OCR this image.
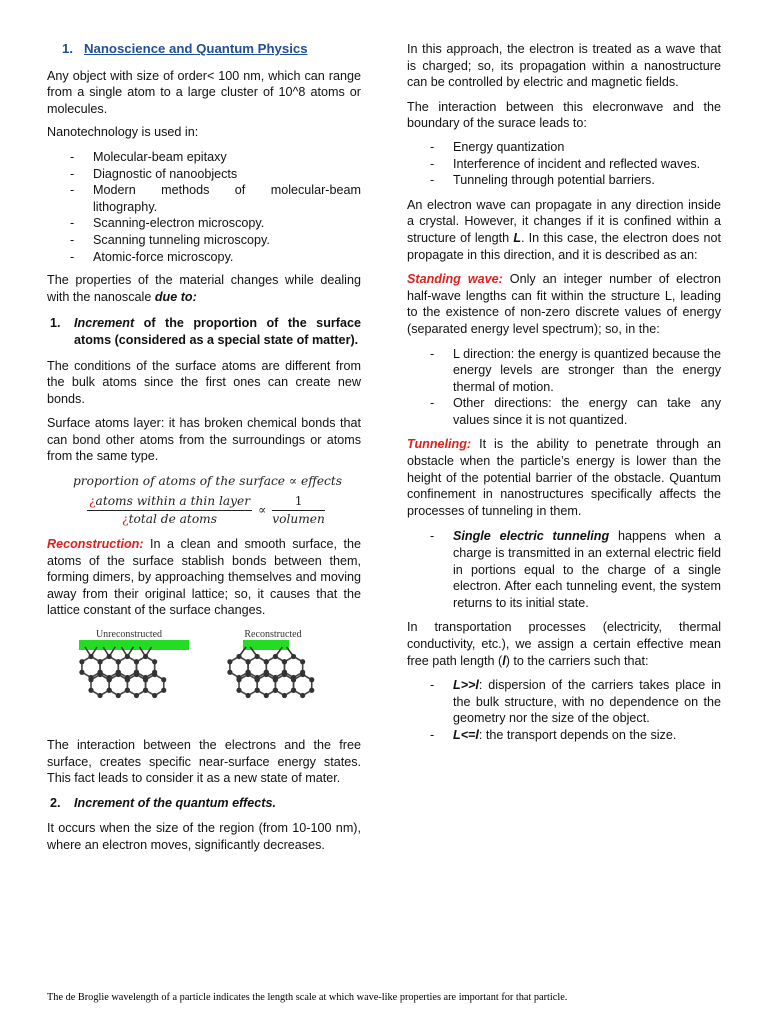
1. Nanoscience and Quantum Physics

Any object with size of order< 100 nm, which can range from a single atom to a large cluster of 10^8 atoms or molecules.

Nanotechnology is used in:

- Molecular-beam epitaxy
- Diagnostic of nanoobjects
- Modern methods of molecular-beam lithography.
- Scanning-electron microscopy.
- Scanning tunneling microscopy.
- Atomic-force microscopy.

The properties of the material changes while dealing with the nanoscale due to:

1. Increment of the proportion of the surface atoms (considered as a special state of matter).

The conditions of the surface atoms are different from the bulk atoms since the first ones can create new bonds.

Surface atoms layer: it has broken chemical bonds that can bond other atoms from the surroundings or atoms from the same type.

proportion of atoms of the surface ∝ effects
¿atoms within a thin layer
¿total de atoms
∝
1
volumen

Reconstruction: In a clean and smooth surface, the atoms of the surface stablish bonds between them, forming dimers, by approaching themselves and moving away from their original lattice; so, it causes that the lattice constant of the surface changes.

Unreconstructed	Reconstructed

The interaction between the electrons and the free surface, creates specific near-surface energy states. This fact leads to consider it as a new state of mater.

2. Increment of the quantum effects.

It occurs when the size of the region (from 10-100 nm), where an electron moves, significantly decreases.

In this approach, the electron is treated as a wave that is charged; so, its propagation within a nanostructure can be controlled by electric and magnetic fields.

The interaction between this elecronwave and the boundary of the surace leads to:

- Energy quantization
- Interference of incident and reflected waves.
- Tunneling through potential barriers.

An electron wave can propagate in any direction inside a crystal. However, it changes if it is confined within a structure of length L. In this case, the electron does not propagate in this direction, and it is described as an:

Standing wave: Only an integer number of electron half-wave lengths can fit within the structure L, leading to the existence of non-zero discrete values of energy (separated energy level spectrum); so, in the:

- L direction: the energy is quantized because the energy levels are stronger than the energy thermal of motion.
- Other directions: the energy can take any values since it is not quantized.

Tunneling: It is the ability to penetrate through an obstacle when the particle’s energy is lower than the height of the potential barrier of the obstacle. Quantum confinement in nanostructures specifically affects the processes of tunneling in them.

- Single electric tunneling happens when a charge is transmitted in an external electric field in portions equal to the charge of a single electron. After each tunneling event, the system returns to its initial state.

In transportation processes (electricity, thermal conductivity, etc.), we assign a certain effective mean free path length (l) to the carriers such that:

- L>>l: dispersion of the carriers takes place in the bulk structure, with no dependence on the geometry nor the size of the object.
- L<=l: the transport depends on the size.
The de Broglie wavelength of a particle indicates the length scale at which wave-like properties are important for that particle.
